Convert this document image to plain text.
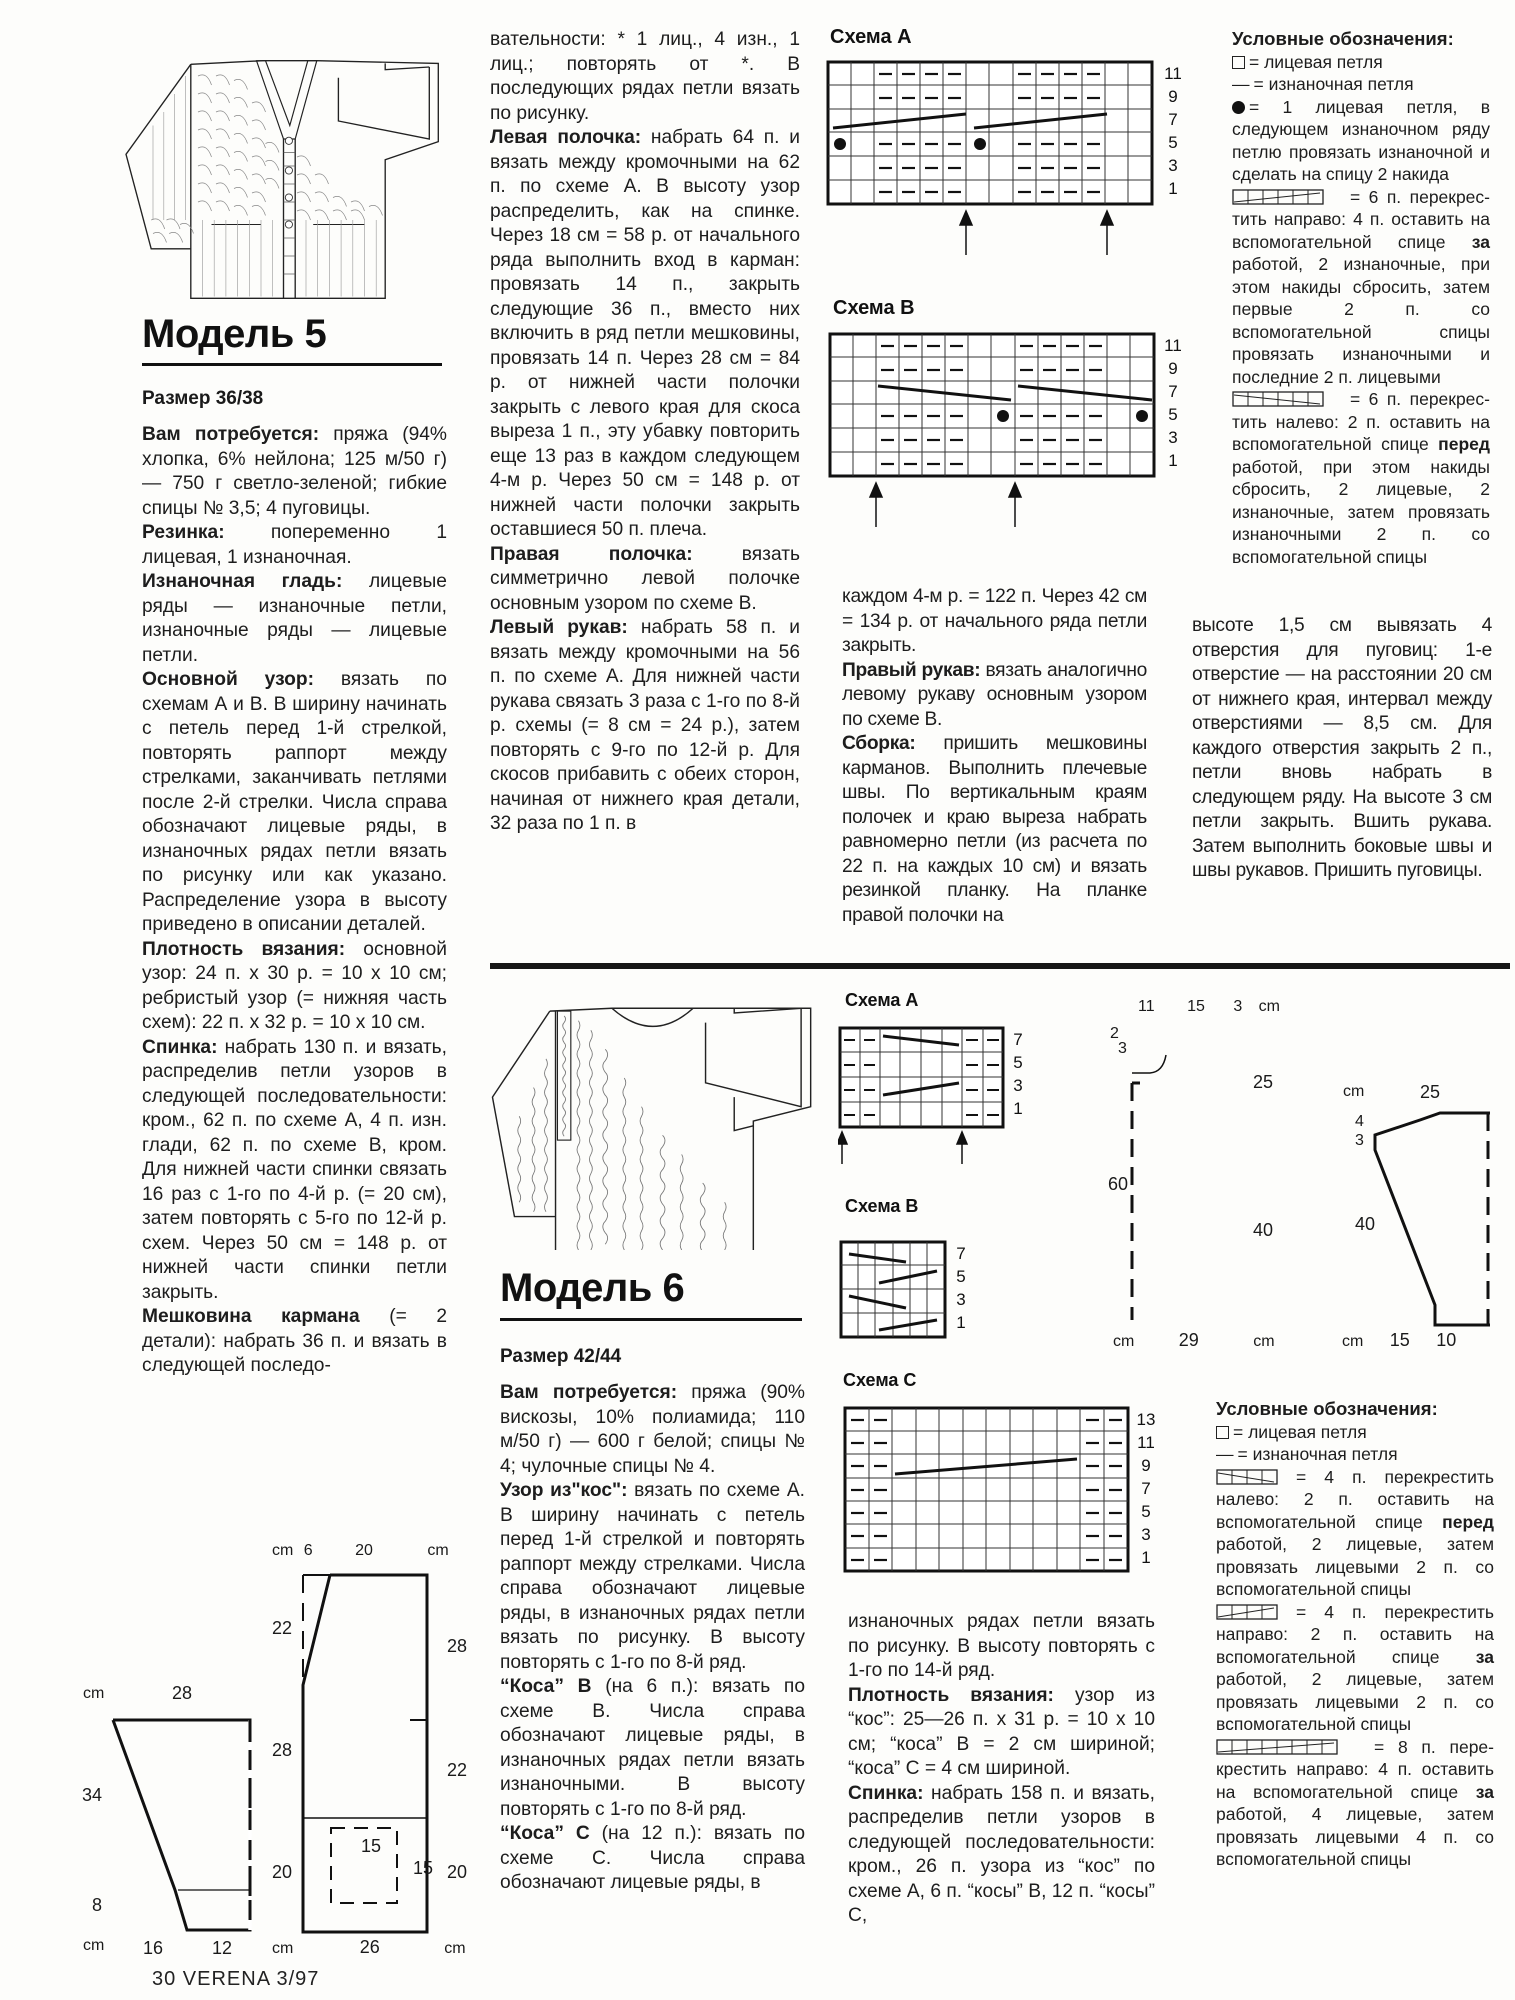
Модель 5
Размер 36/38

Вам потребуется: пряжа (94% хлопка, 6% нейлона; 125 м/50 г) — 750 г светло-зеленой; гибкие спицы № 3,5; 4 пуговицы.

Резинка: попеременно 1 лицевая, 1 изнаночная.

Изнаночная гладь: лицевые ряды — изнаночные петли, изнаночные ряды — лицевые петли.

Основной узор: вязать по схемам А и В. В ширину начинать с петель перед 1-й стрелкой, повторять раппорт между стрелками, заканчивать петлями после 2-й стрелки. Числа справа обозначают лицевые ряды, в изнаночных рядах петли вязать по рисунку или как указано. Распределение узора в высоту приведено в описании деталей.

Плотность вязания: основной узор: 24 п. х 30 р. = 10 х 10 см; ребристый узор (= нижняя часть схем): 22 п. х 32 р. = 10 х 10 см.

Спинка: набрать 130 п. и вязать, распределив петли узоров в следующей последовательности: кром., 62 п. по схеме А, 4 п. изн. глади, 62 п. по схеме В, кром. Для нижней части спинки связать 16 раз с 1-го по 4-й р. (= 20 см), затем повторять с 5-го по 12-й р. схем. Через 50 см = 148 р. от нижней части спинки петли закрыть.

Мешковина кармана (= 2 детали): набрать 36 п. и вязать в следующей последо-

вательности: * 1 лиц., 4 изн., 1 лиц.; повторять от *. В последующих рядах петли вязать по рисунку.

Левая полочка: набрать 64 п. и вязать между кромочными на 62 п. по схеме А. В высоту узор распределить, как на спинке. Через 18 см = 58 р. от начального ряда выполнить вход в карман: провязать 14 п., закрыть следующие 36 п., вместо них включить в ряд петли мешковины, провязать 14 п. Через 28 см = 84 р. от нижней части полочки закрыть с левого края для скоса выреза 1 п., эту убавку повторить еще 13 раз в каждом следующем 4-м р. Через 50 см = 148 р. от нижней части полочки закрыть оставшиеся 50 п. плеча.

Правая полочка: вязать симметрично левой полочке основным узором по схеме В.

Левый рукав: набрать 58 п. и вязать между кромочными на 56 п. по схеме А. Для нижней части рукава связать 3 раза с 1-го по 8-й р. схемы (= 8 см = 24 р.), затем повторять с 9-го по 12-й р. Для скосов прибавить с обеих сторон, начиная от нижнего края детали, 32 раза по 1 п. в

Схема A
11
9
7
5
3
1
Схема B
11
9
7
5
3
1
Условные обозначения:
= лицевая петля
— = изнаночная петля
= 1 лицевая петля, в следующем изнаночном ряду петлю провязать изнаночной и сделать на спицу 2 накида
= 6 п. перекрес- тить направо: 4 п. оставить на вспомогательной спице за работой, 2 изнаночные, при этом накиды сбросить, затем первые 2 п. со вспомогательной спицы провязать изнаночными и последние 2 п. лицевыми
= 6 п. перекрес- тить налево: 2 п. оставить на вспомогательной спице перед работой, при этом накиды сбросить, 2 лицевые, 2 изнаночные, затем провязать изнаночными 2 п. со вспомогательной спицы

каждом 4-м р. = 122 п. Через 42 см = 134 р. от начального ряда петли закрыть.

Правый рукав: вязать аналогично левому рукаву основным узором по схеме В.

Сборка: пришить мешковины карманов. Выполнить плечевые швы. По вертикальным краям полочек и краю выреза набрать равномерно петли (из расчета по 22 п. на каждых 10 см) и вязать резинкой планку. На планке правой полочки на

высоте 1,5 см вывязать 4 отверстия для пуговиц: 1-е отверстие — на расстоянии 20 см от нижнего края, интервал между отверстиями — 8,5 см. Для каждого отверстия закрыть 2 п., петли вновь набрать в следующем ряду. На высоте 3 см петли закрыть. Вшить рукава. Затем выполнить боковые швы и швы рукавов. Пришить пуговицы.

cm	28
34
8
cm 16	12
cm 6	20	cm
22
28
20
28
22
20
15
15
cm	26	cm
30 VERENA 3/97
Модель 6
Размер 42/44

Вам потребуется: пряжа (90% вискозы, 10% полиамида; 110 м/50 г) — 600 г белой; спицы № 4; чулочные спицы № 4.

Узор из"кос": вязать по схеме А. В ширину начинать с петель перед 1-й стрелкой и повторять раппорт между стрелками. Числа справа обозначают лицевые ряды, в изнаночных рядах петли вязать по рисунку. В высоту повторять с 1-го по 8-й ряд.

“Коса” В (на 6 п.): вязать по схеме В. Числа справа обозначают лицевые ряды, в изнаночных рядах петли вязать изнаночными. В высоту повторять с 1-го по 8-й ряд.

“Коса” С (на 12 п.): вязать по схеме С. Числа справа обозначают лицевые ряды, в

Схема A
7
5
3
1
Схема B
7
5
3
1
11 15 3 cm
2
3
25
60
40
cm 29	cm
cm	25
4
3
40
cm 15 10
Схема C
13
11
9
7
5
3
1

изнаночных рядах петли вязать по рисунку. В высоту повторять с 1-го по 14-й ряд.

Плотность вязания: узор из “кос”: 25—26 п. х 31 р. = 10 х 10 см; “коса” В = 2 см шириной; “коса” С = 4 см шириной.

Спинка: набрать 158 п. и вязать, распределив петли узоров в следующей последовательности: кром., 26 п. узора из “кос” по схеме А, 6 п. “косы” В, 12 п. “косы” С,

Условные обозначения:
= лицевая петля
— = изнаночная петля
= 4 п. перекрестить налево: 2 п. оставить на вспомогательной спице перед работой, 2 лицевые, затем провязать лицевыми 2 п. со вспомогательной спицы
= 4 п. перекрестить направо: 2 п. оставить на вспомогательной спице за работой, 2 лицевые, затем провязать лицевыми 2 п. со вспомогательной спицы
= 8 п. пере- крестить направо: 4 п. оставить на вспомогательной спице за работой, 4 лицевые, затем провязать лицевыми 4 п. со вспомогательной спицы
